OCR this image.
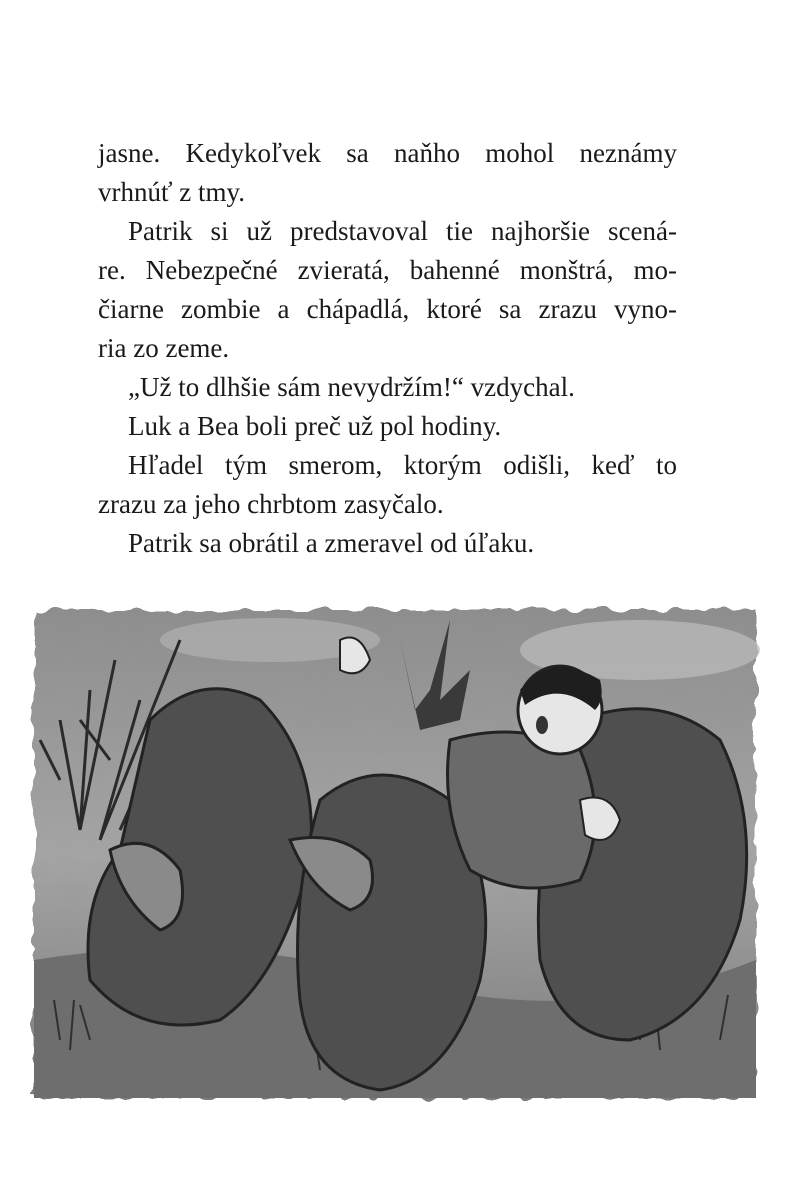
jasne. Kedykoľvek sa naňho mohol neznámy

vrhnúť z tmy.

Patrik si už predstavoval tie najhoršie scená-

re. Nebezpečné zvieratá, bahenné monštrá, mo-

čiarne zombie a chápadlá, ktoré sa zrazu vyno-

ria zo zeme.

„Už to dlhšie sám nevydržím!“ vzdychal.

Luk a Bea boli preč už pol hodiny.

Hľadel tým smerom, ktorým odišli, keď to

zrazu za jeho chrbtom zasyčalo.

Patrik sa obrátil a zmeravel od úľaku.
